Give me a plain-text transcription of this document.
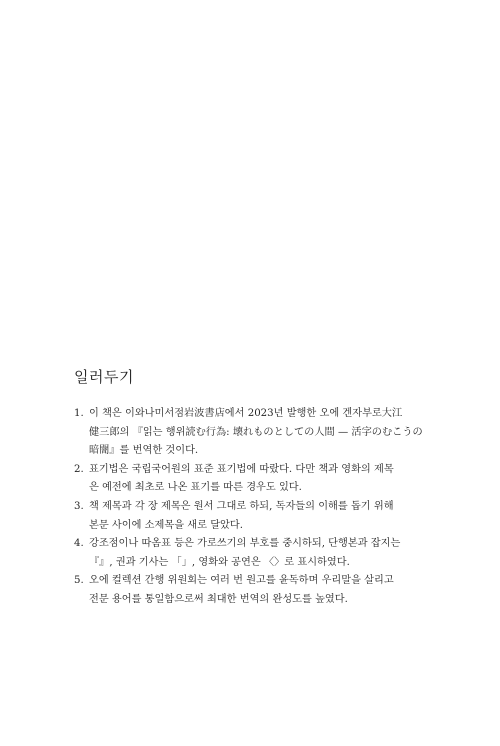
일러두기
1. 이 책은 이와나미서점岩波書店에서 2023년 발행한 오에 겐자부로大江
健三郎의 『읽는 행위読む行為: 壊れものとしての人間 — 活字のむこうの
暗闇』를 번역한 것이다.
2. 표기법은 국립국어원의 표준 표기법에 따랐다. 다만 책과 영화의 제목
은 예전에 최초로 나온 표기를 따른 경우도 있다.
3. 책 제목과 각 장 제목은 원서 그대로 하되, 독자들의 이해를 돕기 위해
본문 사이에 소제목을 새로 달았다.
4. 강조점이나 따옴표 등은 가로쓰기의 부호를 중시하되, 단행본과 잡지는
『』, 권과 기사는 「」, 영화와 공연은 〈〉로 표시하였다.
5. 오에 컬렉션 간행 위원회는 여러 번 원고를 윤독하며 우리말을 살리고
전문 용어를 통일함으로써 최대한 번역의 완성도를 높였다.
